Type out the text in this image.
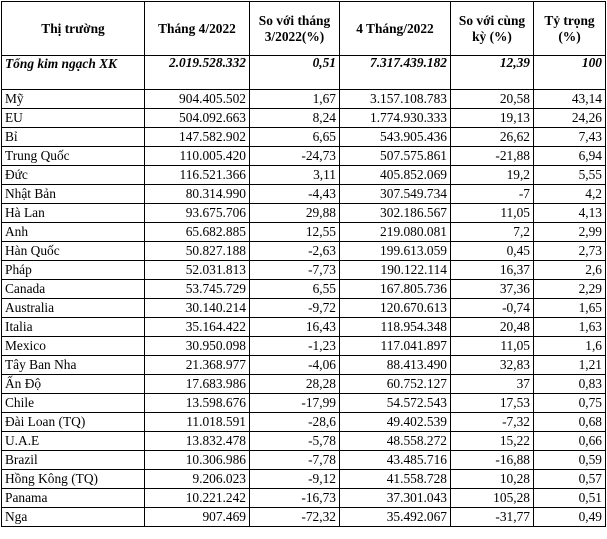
Thị trường	Tháng 4/2022	So với tháng 3/2022(%)	4 Tháng/2022	So với cùng kỳ (%)	Tỷ trọng (%)
Tổng kim ngạch XK	2.019.528.332	0,51	7.317.439.182	12,39	100
Mỹ	904.405.502	1,67	3.157.108.783	20,58	43,14
EU	504.092.663	8,24	1.774.930.333	19,13	24,26
Bỉ	147.582.902	6,65	543.905.436	26,62	7,43
Trung Quốc	110.005.420	-24,73	507.575.861	-21,88	6,94
Đức	116.521.366	3,11	405.852.069	19,2	5,55
Nhật Bản	80.314.990	-4,43	307.549.734	-7	4,2
Hà Lan	93.675.706	29,88	302.186.567	11,05	4,13
Anh	65.682.885	12,55	219.080.081	7,2	2,99
Hàn Quốc	50.827.188	-2,63	199.613.059	0,45	2,73
Pháp	52.031.813	-7,73	190.122.114	16,37	2,6
Canada	53.745.729	6,55	167.805.736	37,36	2,29
Australia	30.140.214	-9,72	120.670.613	-0,74	1,65
Italia	35.164.422	16,43	118.954.348	20,48	1,63
Mexico	30.950.098	-1,23	117.041.897	11,05	1,6
Tây Ban Nha	21.368.977	-4,06	88.413.490	32,83	1,21
Ấn Độ	17.683.986	28,28	60.752.127	37	0,83
Chile	13.598.676	-17,99	54.572.543	17,53	0,75
Đài Loan (TQ)	11.018.591	-28,6	49.402.539	-7,32	0,68
U.A.E	13.832.478	-5,78	48.558.272	15,22	0,66
Brazil	10.306.986	-7,78	43.485.716	-16,88	0,59
Hồng Kông (TQ)	9.206.023	-9,12	41.558.728	10,28	0,57
Panama	10.221.242	-16,73	37.301.043	105,28	0,51
Nga	907.469	-72,32	35.492.067	-31,77	0,49
